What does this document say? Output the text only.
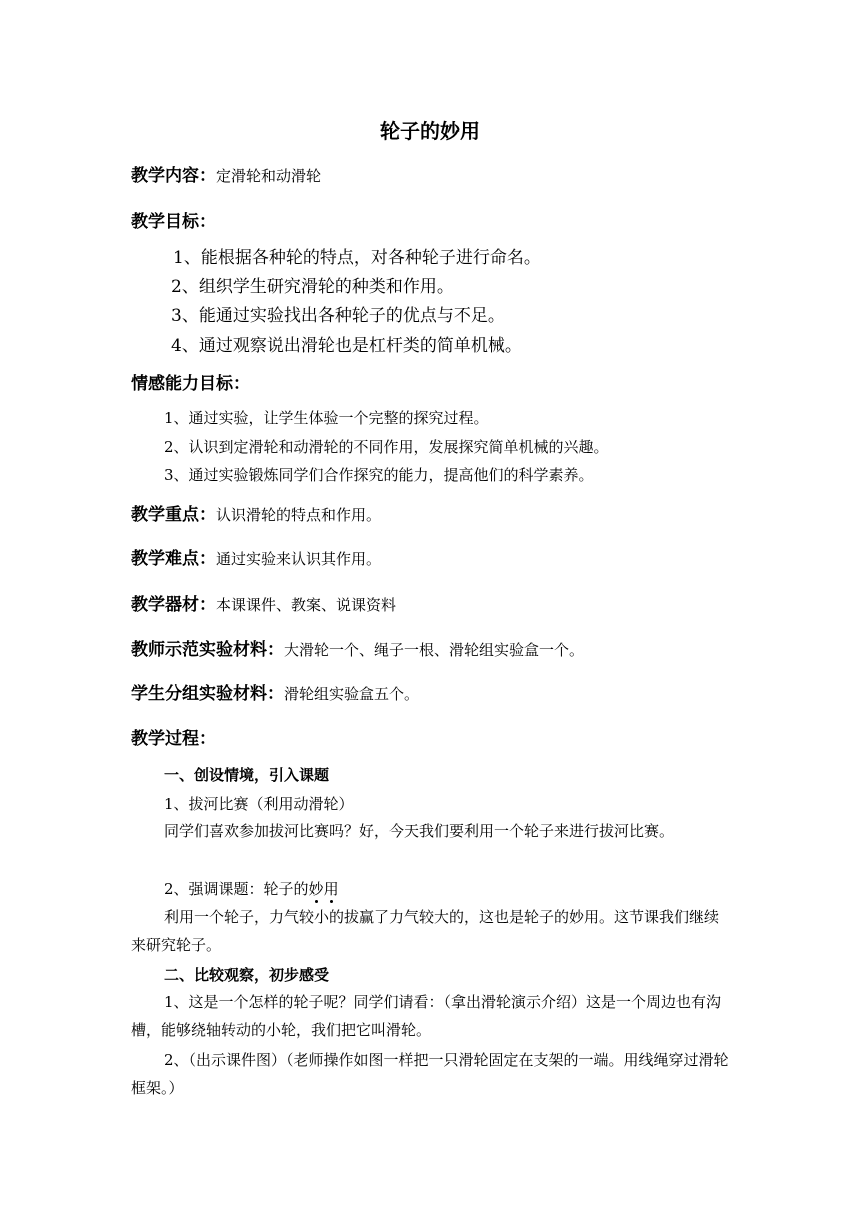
轮子的妙用
教学内容：定滑轮和动滑轮
教学目标：
1、能根据各种轮的特点，对各种轮子进行命名。
2、组织学生研究滑轮的种类和作用。
3、能通过实验找出各种轮子的优点与不足。
4、通过观察说出滑轮也是杠杆类的简单机械。
情感能力目标：
1、通过实验，让学生体验一个完整的探究过程。
2、认识到定滑轮和动滑轮的不同作用，发展探究简单机械的兴趣。
3、通过实验锻炼同学们合作探究的能力，提高他们的科学素养。
教学重点：认识滑轮的特点和作用。
教学难点：通过实验来认识其作用。
教学器材：本课课件、教案、说课资料
教师示范实验材料：大滑轮一个、绳子一根、滑轮组实验盒一个。
学生分组实验材料：滑轮组实验盒五个。
教学过程：
一、创设情境，引入课题
1、拔河比赛（利用动滑轮）
同学们喜欢参加拔河比赛吗？好，今天我们要利用一个轮子来进行拔河比赛。
2、强调课题：轮子的妙用
利用一个轮子，力气较小的拔赢了力气较大的，这也是轮子的妙用。这节课我们继续来研究轮子。
二、比较观察，初步感受
1、这是一个怎样的轮子呢？同学们请看：（拿出滑轮演示介绍）这是一个周边也有沟槽，能够绕轴转动的小轮，我们把它叫滑轮。
2、（出示课件图）（老师操作如图一样把一只滑轮固定在支架的一端。用线绳穿过滑轮框架。）
